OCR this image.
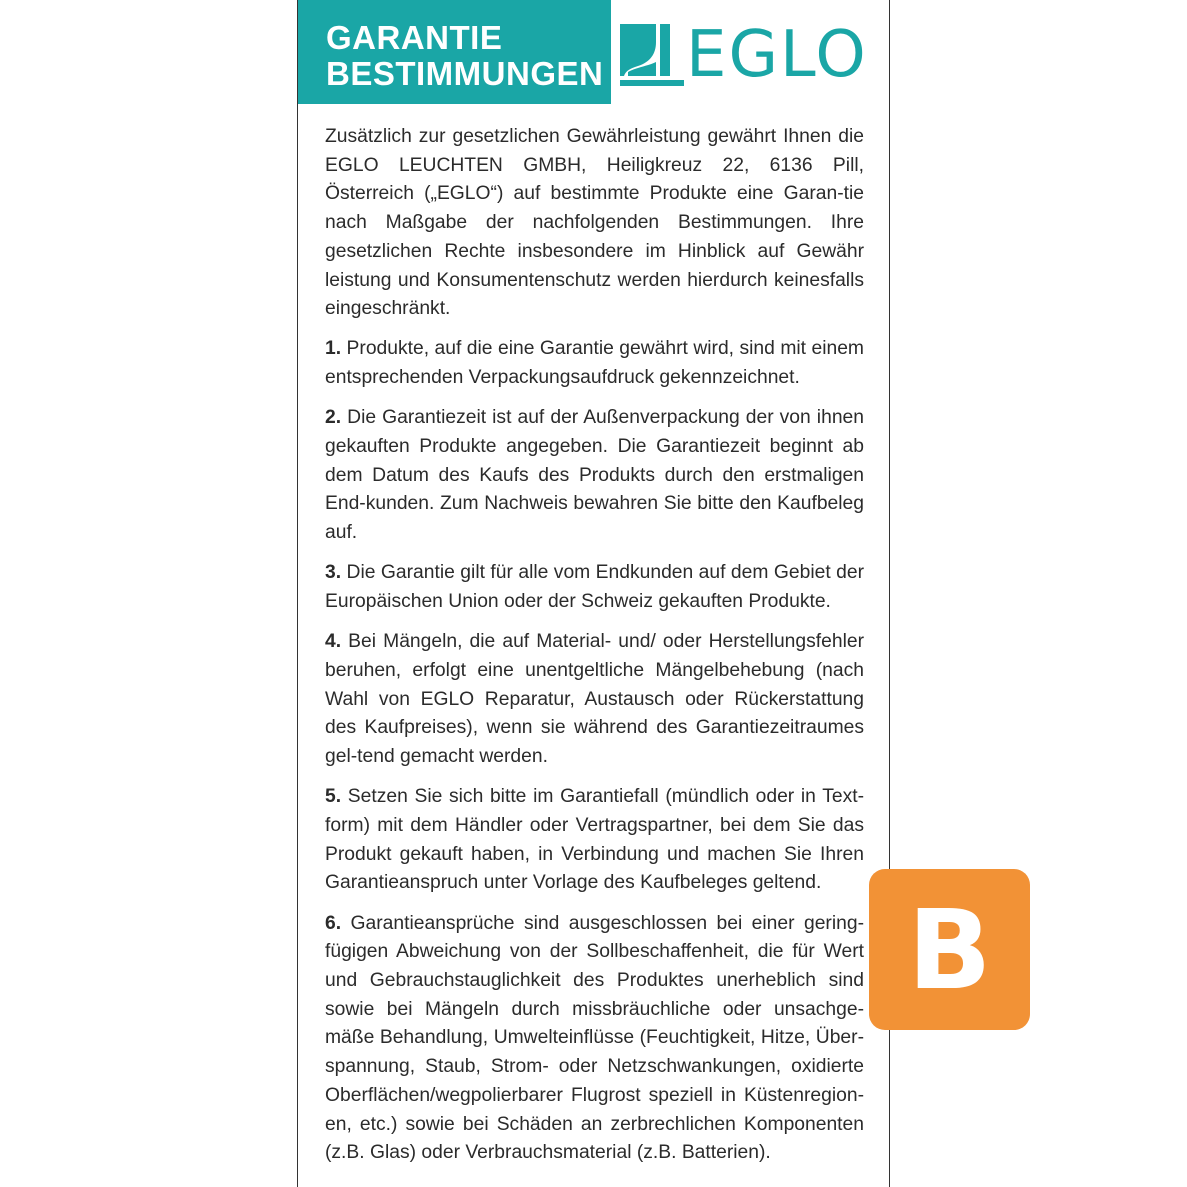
GARANTIE
BESTIMMUNGEN EGLO

Zusätzlich zur gesetzlichen Gewährleistung gewährt Ihnen die EGLO LEUCHTEN GMBH, Heiligkreuz 22, 6136 Pill, Österreich („EGLO“) auf bestimmte Produkte eine Garan-tie nach Maßgabe der nachfolgenden Bestimmungen. Ihre gesetzlichen Rechte insbesondere im Hinblick auf Gewähr leistung und Konsumentenschutz werden hierdurch keinesfalls eingeschränkt.

1. Produkte, auf die eine Garantie gewährt wird, sind mit einem entsprechenden Verpackungsaufdruck gekennzeichnet.

2. Die Garantiezeit ist auf der Außenverpackung der von ihnen gekauften Produkte angegeben. Die Garantiezeit beginnt ab dem Datum des Kaufs des Produkts durch den erstmaligen End-kunden. Zum Nachweis bewahren Sie bitte den Kaufbeleg auf.

3. Die Garantie gilt für alle vom Endkunden auf dem Gebiet der Europäischen Union oder der Schweiz gekauften Produkte.

4. Bei Mängeln, die auf Material- und/ oder Herstellungsfehler beruhen, erfolgt eine unentgeltliche Mängelbehebung (nach Wahl von EGLO Reparatur, Austausch oder Rückerstattung des Kaufpreises), wenn sie während des Garantiezeitraumes gel-tend gemacht werden.

5. Setzen Sie sich bitte im Garantiefall (mündlich oder in Text-form) mit dem Händler oder Vertragspartner, bei dem Sie das Produkt gekauft haben, in Verbindung und machen Sie Ihren Garantieanspruch unter Vorlage des Kaufbeleges geltend.

6. Garantieansprüche sind ausgeschlossen bei einer gering-fügigen Abweichung von der Sollbeschaffenheit, die für Wert und Gebrauchstauglichkeit des Produktes unerheblich sind sowie bei Mängeln durch missbräuchliche oder unsachge-mäße Behandlung, Umwelteinflüsse (Feuchtigkeit, Hitze, Über-spannung, Staub, Strom- oder Netzschwankungen, oxidierte Oberflächen/wegpolierbarer Flugrost speziell in Küstenregion-en, etc.) sowie bei Schäden an zerbrechlichen Komponenten (z.B. Glas) oder Verbrauchsmaterial (z.B. Batterien).

B
